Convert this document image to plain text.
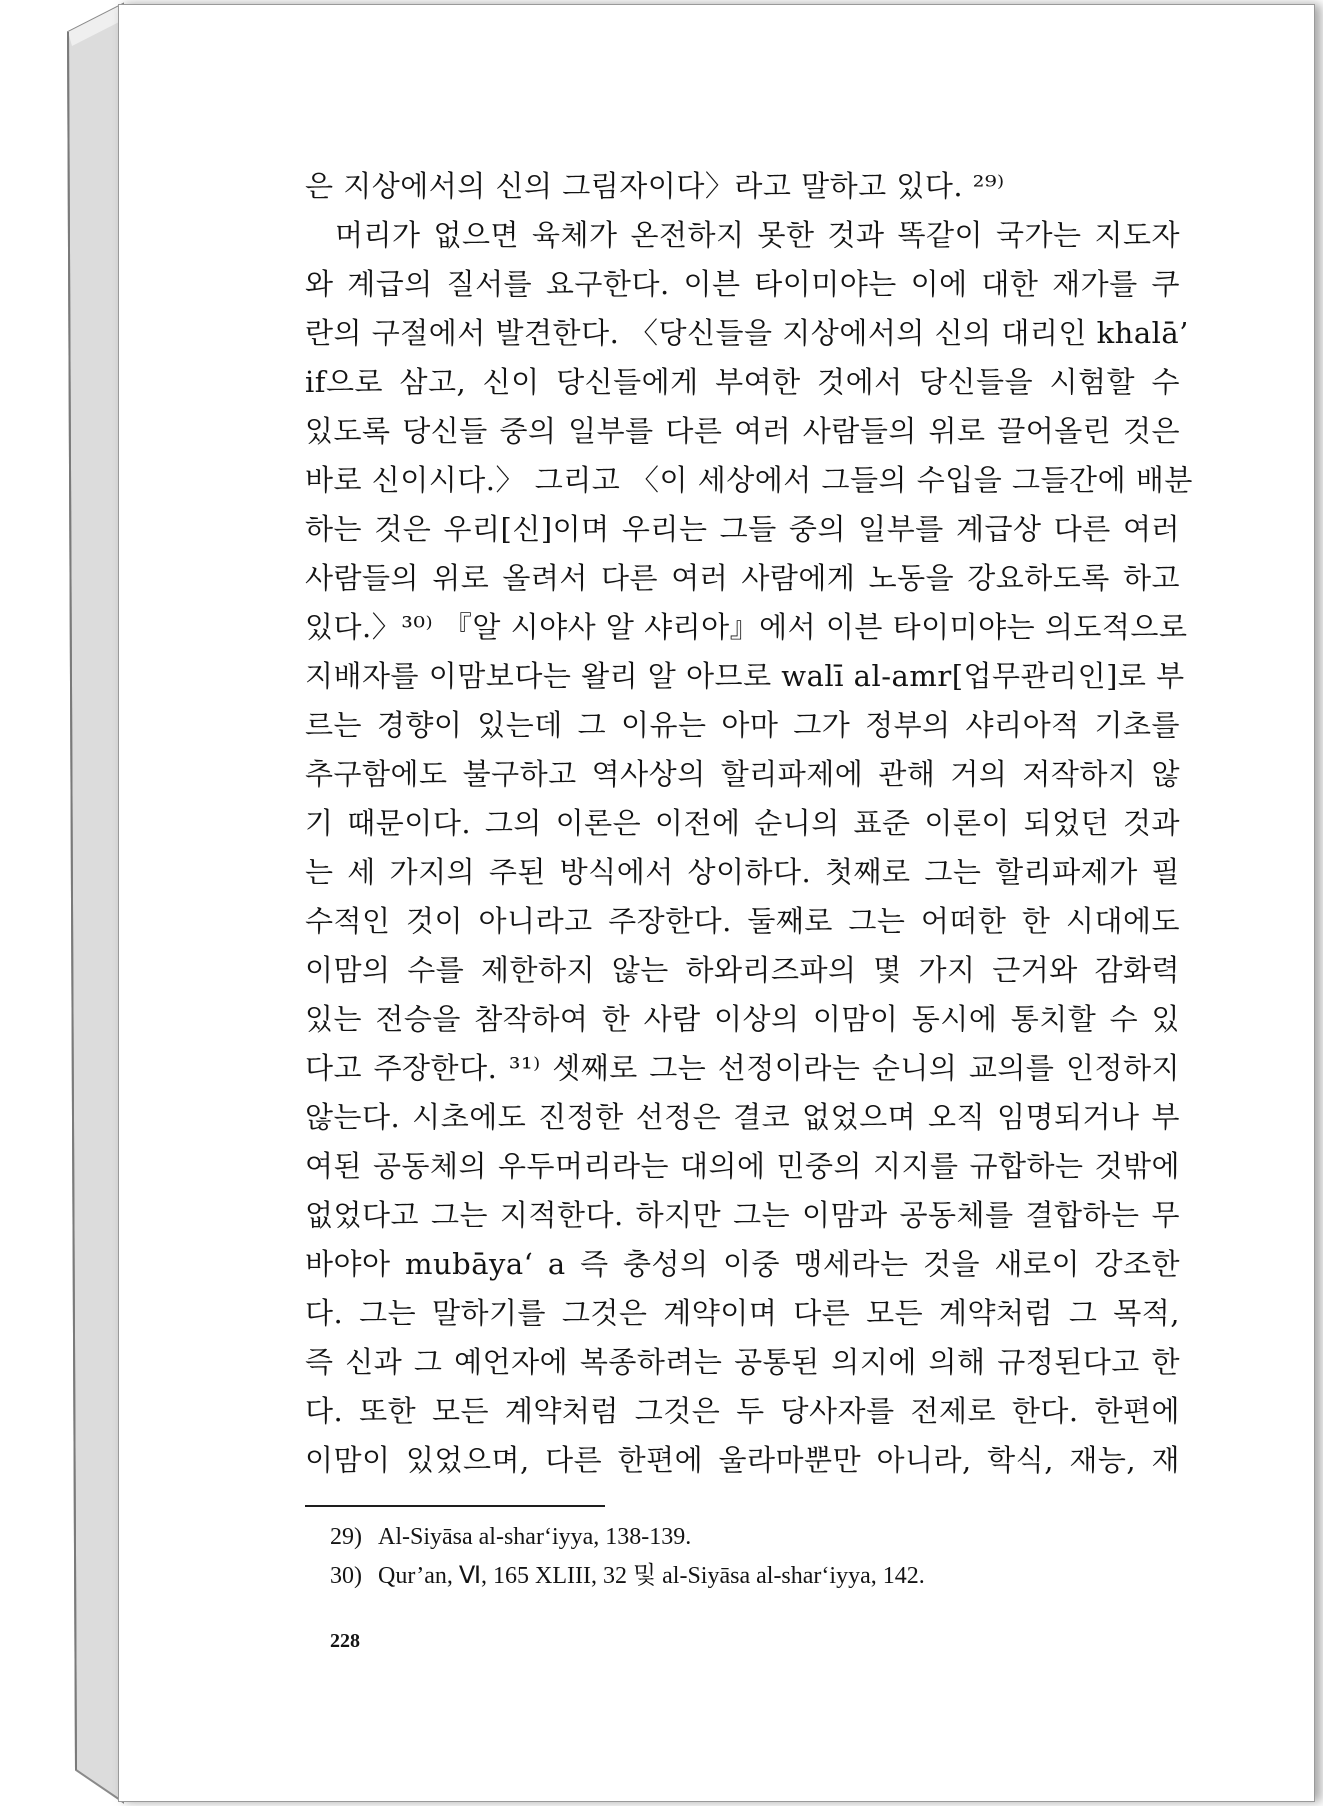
은 지상에서의 신의 그림자이다〉라고 말하고 있다. ²⁹⁾
머리가 없으면 육체가 온전하지 못한 것과 똑같이 국가는 지도자
와 계급의 질서를 요구한다. 이븐 타이미야는 이에 대한 재가를 쿠
란의 구절에서 발견한다. 〈당신들을 지상에서의 신의 대리인 khalā’
if으로 삼고, 신이 당신들에게 부여한 것에서 당신들을 시험할 수
있도록 당신들 중의 일부를 다른 여러 사람들의 위로 끌어올린 것은
바로 신이시다.〉 그리고 〈이 세상에서 그들의 수입을 그들간에 배분
하는 것은 우리[신]이며 우리는 그들 중의 일부를 계급상 다른 여러
사람들의 위로 올려서 다른 여러 사람에게 노동을 강요하도록 하고
있다.〉³⁰⁾ 『알 시야사 알 샤리아』에서 이븐 타이미야는 의도적으로
지배자를 이맘보다는 왈리 알 아므로 walī al-amr[업무관리인]로 부
르는 경향이 있는데 그 이유는 아마 그가 정부의 샤리아적 기초를
추구함에도 불구하고 역사상의 할리파제에 관해 거의 저작하지 않
기 때문이다. 그의 이론은 이전에 순니의 표준 이론이 되었던 것과
는 세 가지의 주된 방식에서 상이하다. 첫째로 그는 할리파제가 필
수적인 것이 아니라고 주장한다. 둘째로 그는 어떠한 한 시대에도
이맘의 수를 제한하지 않는 하와리즈파의 몇 가지 근거와 감화력
있는 전승을 참작하여 한 사람 이상의 이맘이 동시에 통치할 수 있
다고 주장한다. ³¹⁾ 셋째로 그는 선정이라는 순니의 교의를 인정하지
않는다. 시초에도 진정한 선정은 결코 없었으며 오직 임명되거나 부
여된 공동체의 우두머리라는 대의에 민중의 지지를 규합하는 것밖에
없었다고 그는 지적한다. 하지만 그는 이맘과 공동체를 결합하는 무
바야아 mubāya‘ a 즉 충성의 이중 맹세라는 것을 새로이 강조한
다. 그는 말하기를 그것은 계약이며 다른 모든 계약처럼 그 목적,
즉 신과 그 예언자에 복종하려는 공통된 의지에 의해 규정된다고 한
다. 또한 모든 계약처럼 그것은 두 당사자를 전제로 한다. 한편에
이맘이 있었으며, 다른 한편에 울라마뿐만 아니라, 학식, 재능, 재
29) Al-Siyāsa al-shar‘iyya, 138-139.
30) Qur’an, Ⅵ, 165 XLIII, 32 및 al-Siyāsa al-shar‘iyya, 142.
228
